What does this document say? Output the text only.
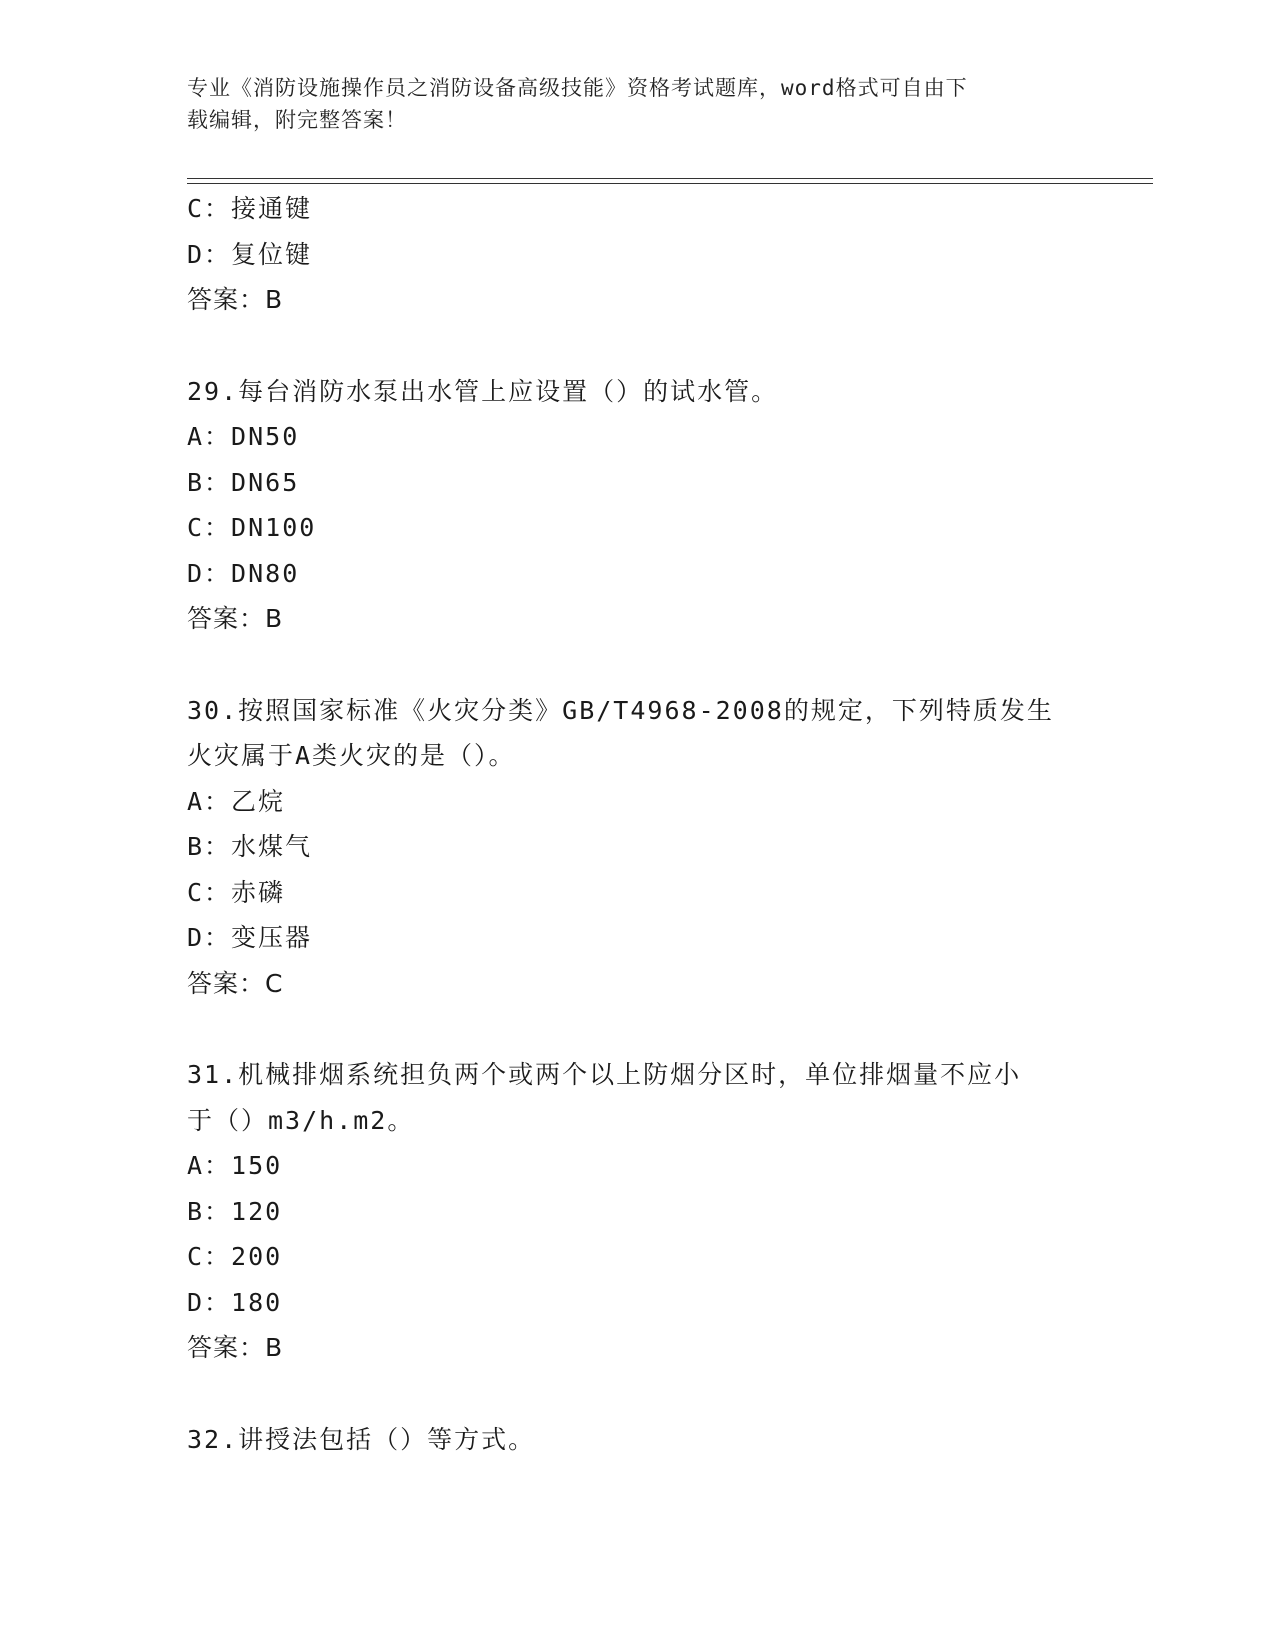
专业《消防设施操作员之消防设备高级技能》资格考试题库，word格式可自由下
载编辑，附完整答案！
C：接通键
D：复位键
答案：B
29.每台消防水泵出水管上应设置（）的试水管。
A：DN50
B：DN65
C：DN100
D：DN80
答案：B
30.按照国家标准《火灾分类》GB/T4968-2008的规定，下列特质发生
火灾属于A类火灾的是（）。
A：乙烷
B：水煤气
C：赤磷
D：变压器
答案：C
31.机械排烟系统担负两个或两个以上防烟分区时，单位排烟量不应小
于（）m3/h.m2。
A：150
B：120
C：200
D：180
答案：B
32.讲授法包括（）等方式。
